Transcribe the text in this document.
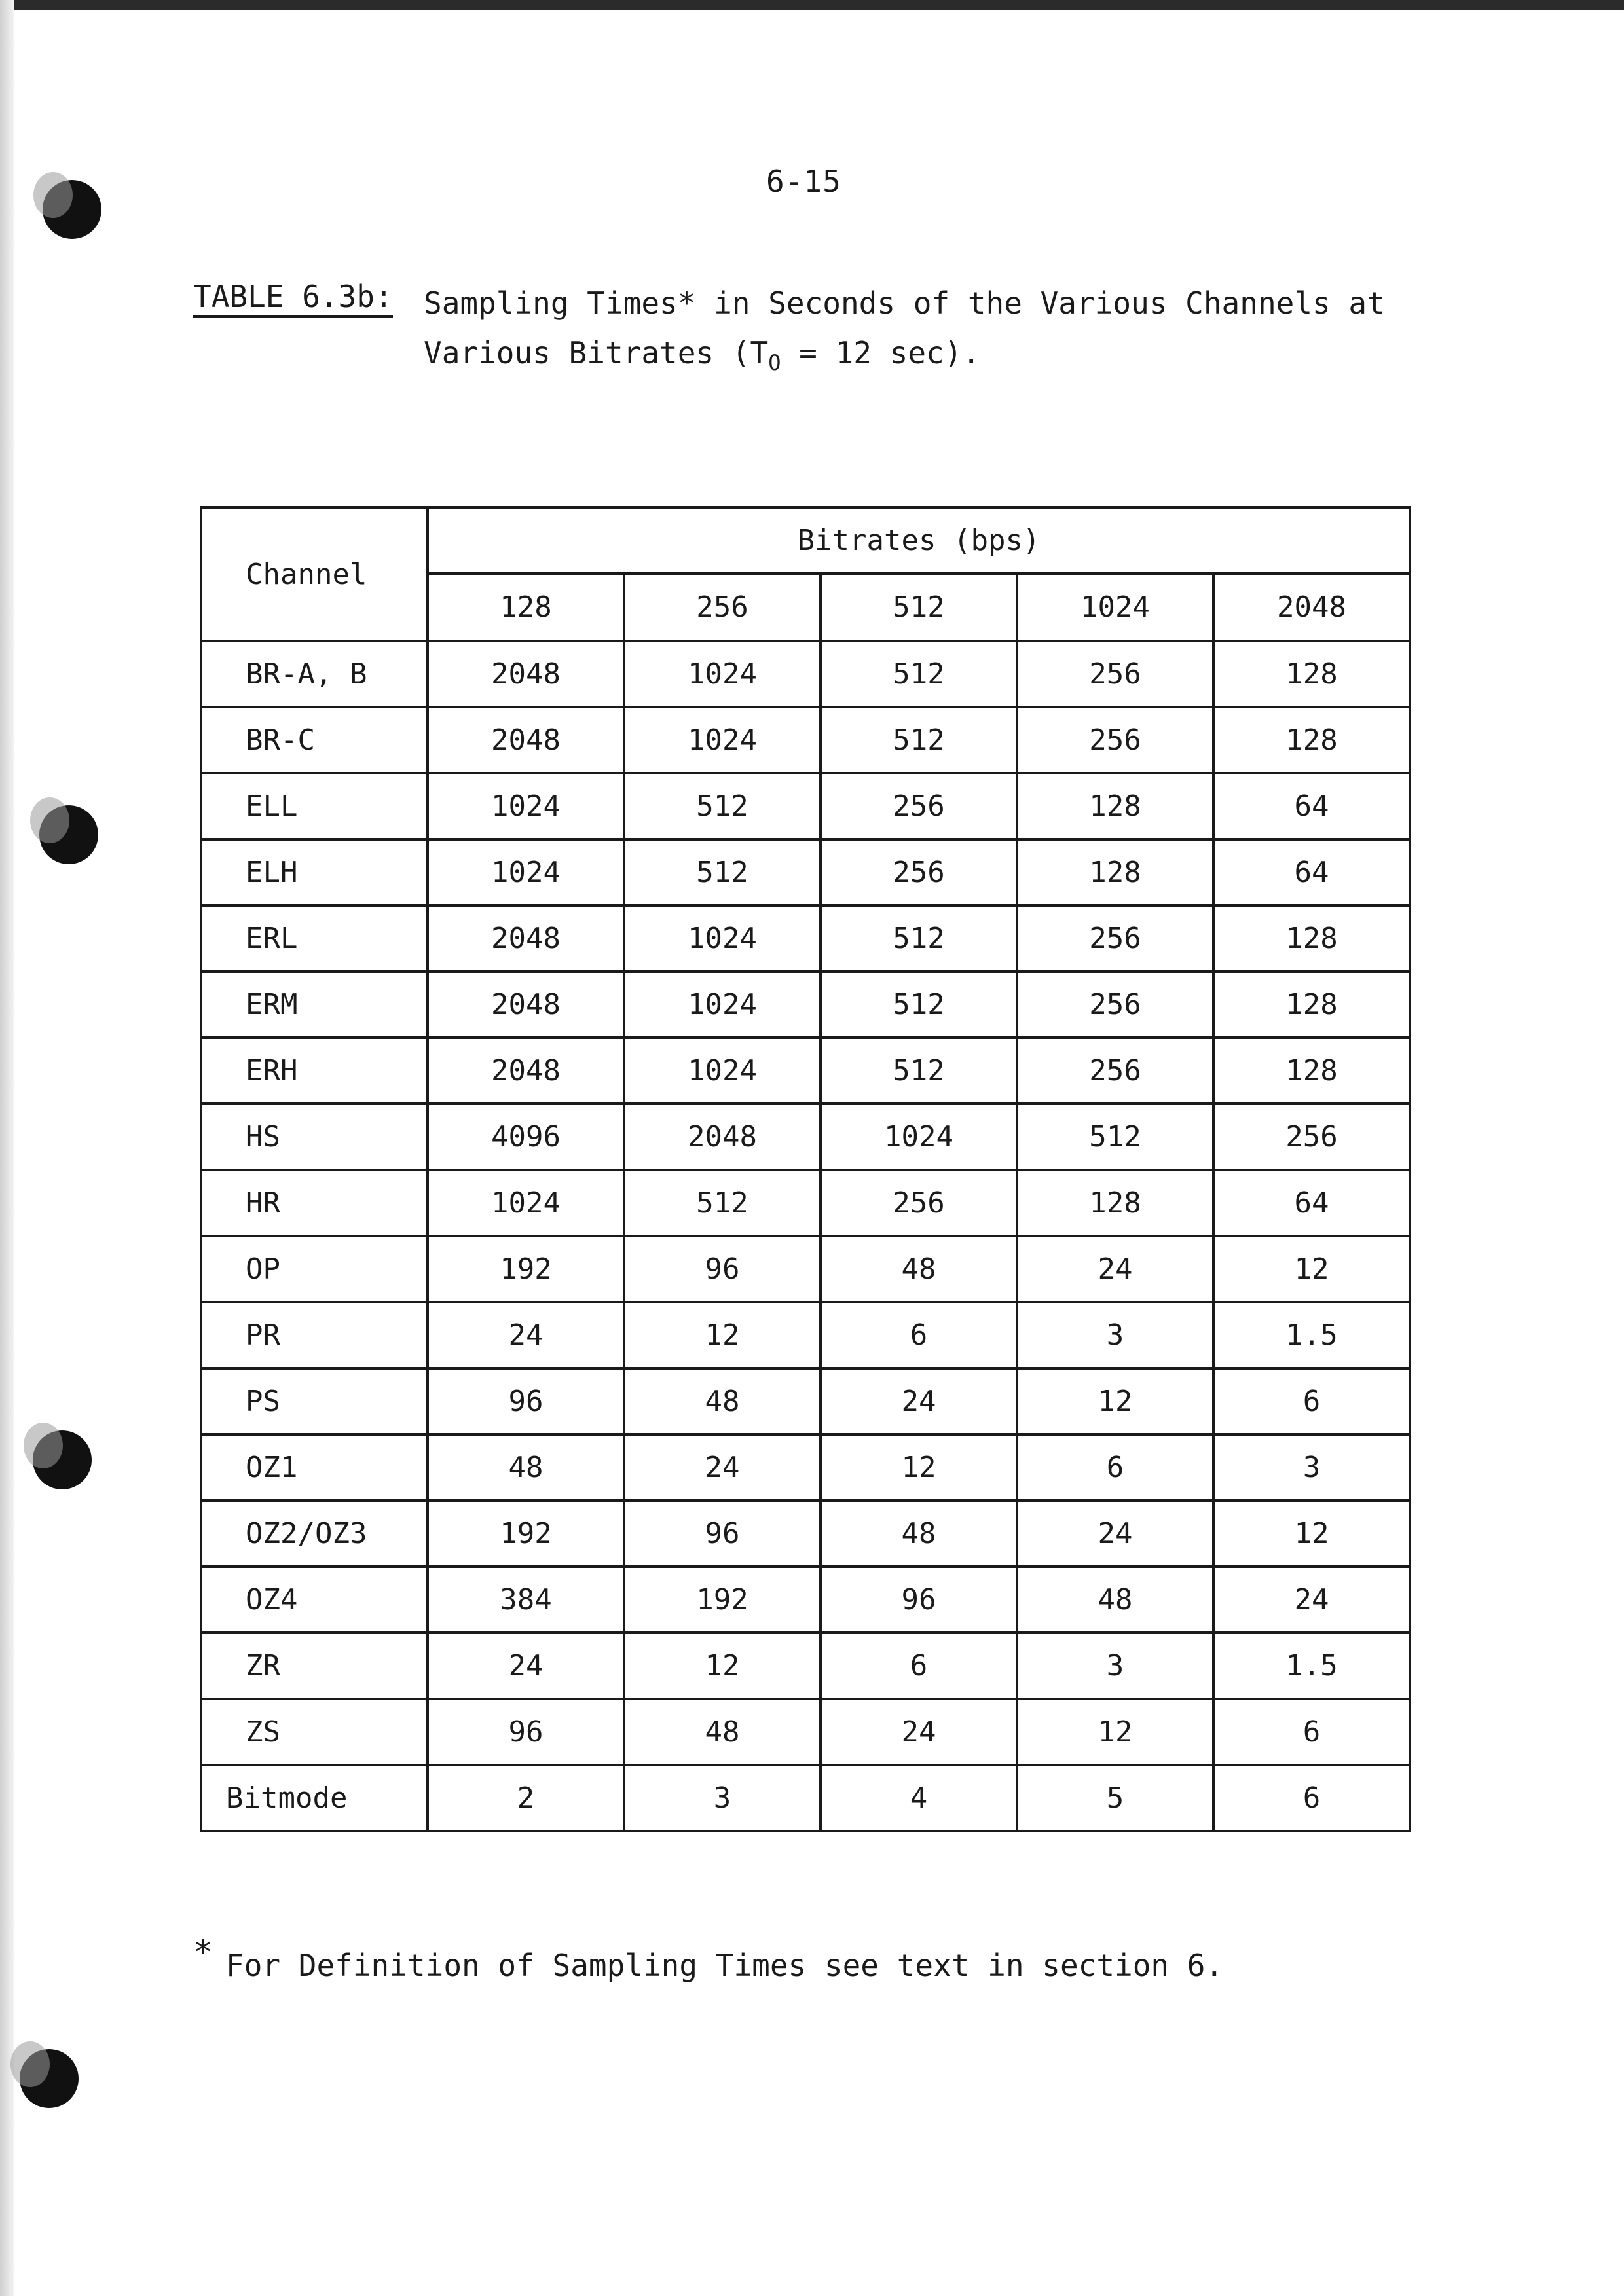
6-15
TABLE 6.3b: Sampling Times* in Seconds of the Various Channels at
Various Bitrates ($T_O = 12$ sec).
Channel	Bitrates (bps)				
	128	256	512	1024	2048
BR-A, B	2048	1024	512	256	128
BR-C	2048	1024	512	256	128
ELL	1024	512	256	128	64
ELH	1024	512	256	128	64
ERL	2048	1024	512	256	128
ERM	2048	1024	512	256	128
ERH	2048	1024	512	256	128
HS	4096	2048	1024	512	256
HR	1024	512	256	128	64
OP	192	96	48	24	12
PR	24	12	6	3	1.5
PS	96	48	24	12	6
OZ1	48	24	12	6	3
OZ2/OZ3	192	96	48	24	12
OZ4	384	192	96	48	24
ZR	24	12	6	3	1.5
ZS	96	48	24	12	6
Bitmode	2	3	4	5	6

*

For Definition of Sampling Times see text in section 6.
